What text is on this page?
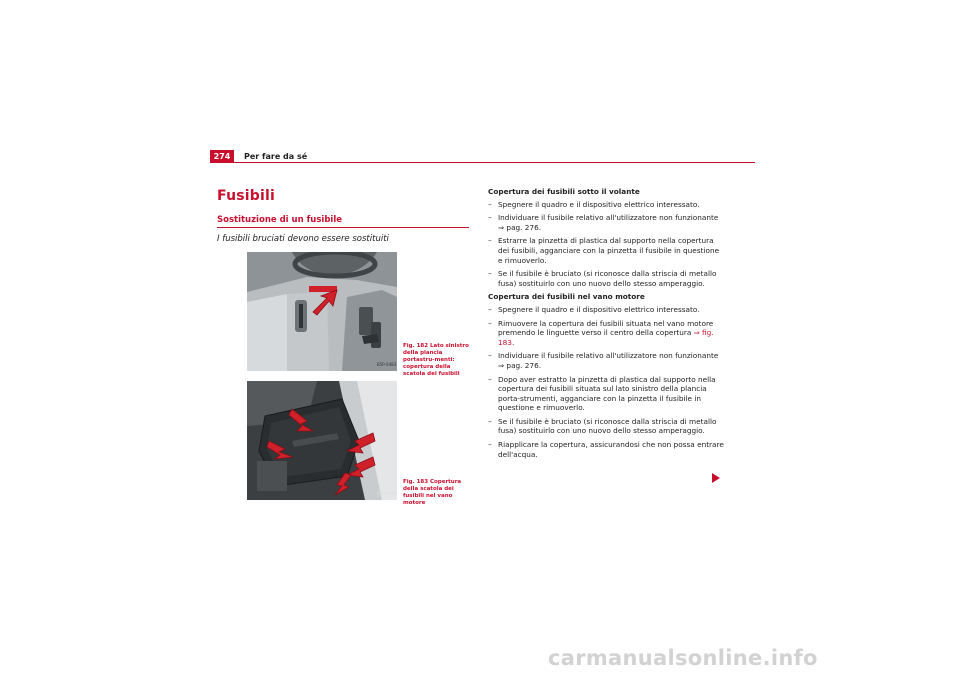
274 Per fare da sé
Fusibili
Sostituzione di un fusibile
I fusibili bruciati devono essere sostituiti
B5P-0483
Fig. 182 Lato sinistro della plancia portastru-menti: copertura della scatola dei fusibili
B5P-0199
Fig. 183 Copertura della scatola dei fusibili nel vano motore
Copertura dei fusibili sotto il volante
– Spegnere il quadro e il dispositivo elettrico interessato.
– Individuare il fusibile relativo all'utilizzatore non funzionante
⇒ pag. 276.
– Estrarre la pinzetta di plastica dal supporto nella copertura dei fusibili, agganciare con la pinzetta il fusibile in questione e rimuoverlo.
– Se il fusibile è bruciato (si riconosce dalla striscia di metallo fusa) sostituirlo con uno nuovo dello stesso amperaggio.
Copertura dei fusibili nel vano motore
– Spegnere il quadro e il dispositivo elettrico interessato.
– Rimuovere la copertura dei fusibili situata nel vano motore premendo le linguette verso il centro della copertura ⇒ fig. 183.
– Individuare il fusibile relativo all'utilizzatore non funzionante
⇒ pag. 276.
– Dopo aver estratto la pinzetta di plastica dal supporto nella copertura dei fusibili situata sul lato sinistro della plancia porta-strumenti, agganciare con la pinzetta il fusibile in questione e rimuoverlo.
– Se il fusibile è bruciato (si riconosce dalla striscia di metallo fusa) sostituirlo con uno nuovo dello stesso amperaggio.
– Riapplicare la copertura, assicurandosi che non possa entrare dell'acqua.
carmanualsonline.info
